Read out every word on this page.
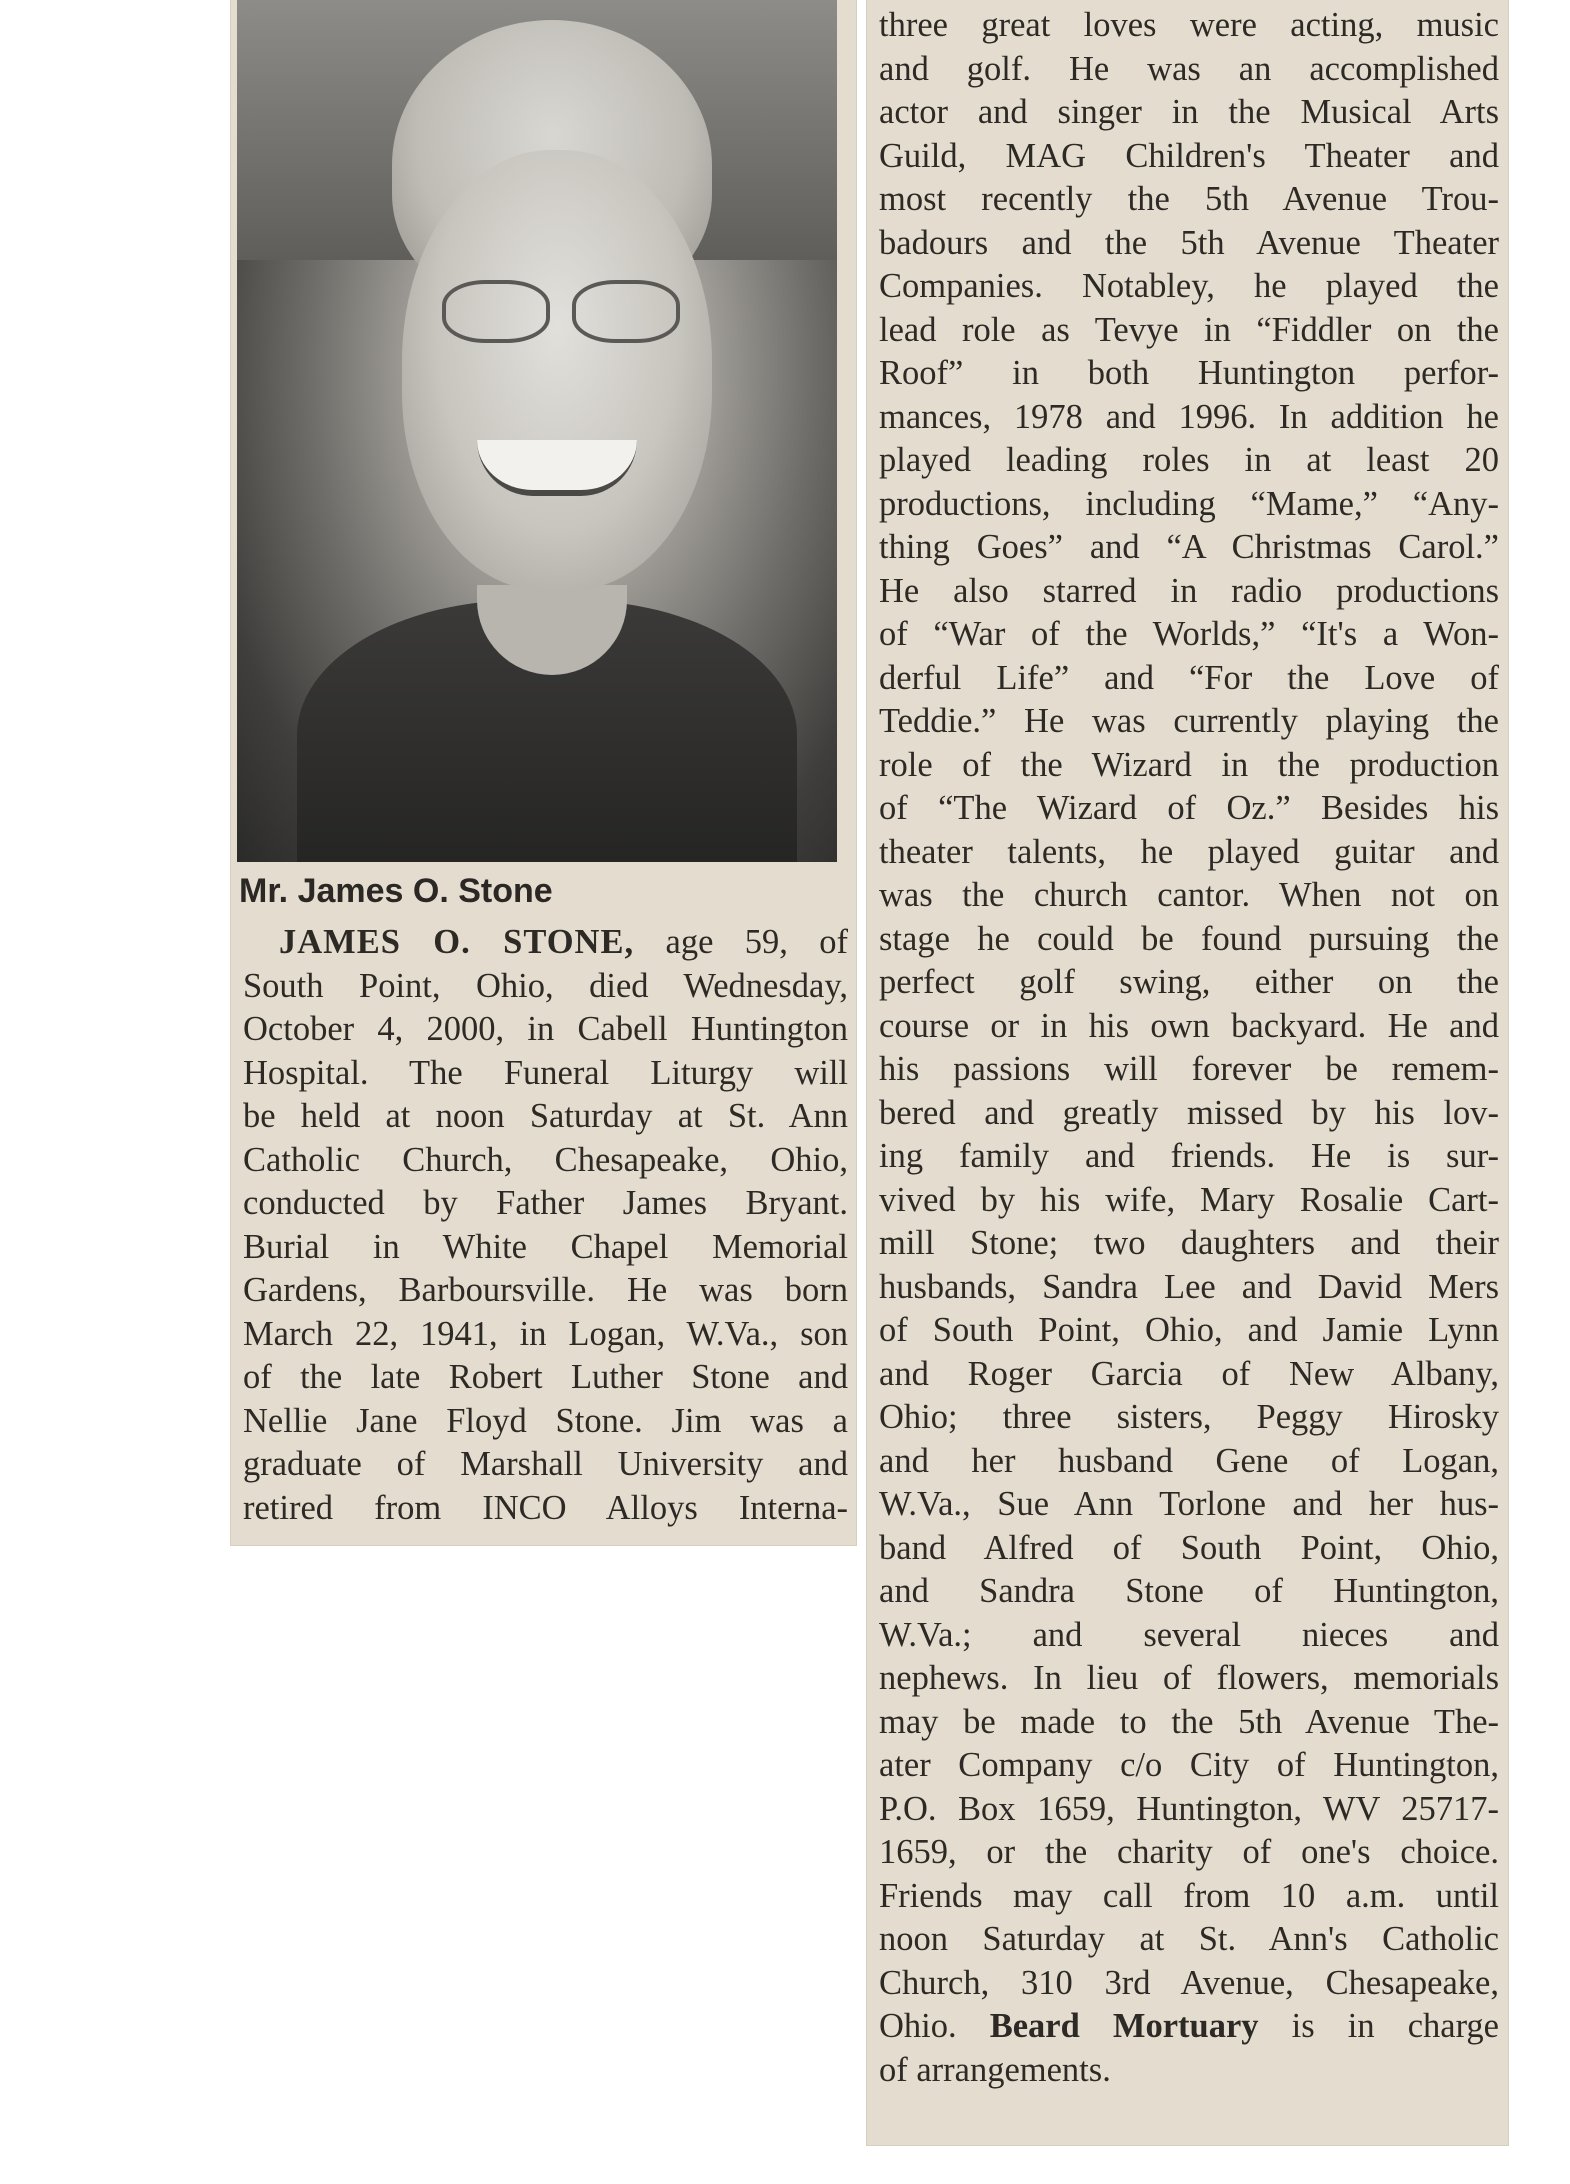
Mr. James O. Stone
JAMES O. STONE, age 59, of
South Point, Ohio, died Wednesday,
October 4, 2000, in Cabell Huntington
Hospital. The Funeral Liturgy will
be held at noon Saturday at St. Ann
Catholic Church, Chesapeake, Ohio,
conducted by Father James Bryant.
Burial in White Chapel Memorial
Gardens, Barboursville. He was born
March 22, 1941, in Logan, W.Va., son
of the late Robert Luther Stone and
Nellie Jane Floyd Stone. Jim was a
graduate of Marshall University and
retired from INCO Alloys Interna-
three great loves were acting, music
and golf. He was an accomplished
actor and singer in the Musical Arts
Guild, MAG Children's Theater and
most recently the 5th Avenue Trou-
badours and the 5th Avenue Theater
Companies. Notabley, he played the
lead role as Tevye in “Fiddler on the
Roof” in both Huntington perfor-
mances, 1978 and 1996. In addition he
played leading roles in at least 20
productions, including “Mame,” “Any-
thing Goes” and “A Christmas Carol.”
He also starred in radio productions
of “War of the Worlds,” “It's a Won-
derful Life” and “For the Love of
Teddie.” He was currently playing the
role of the Wizard in the production
of “The Wizard of Oz.” Besides his
theater talents, he played guitar and
was the church cantor. When not on
stage he could be found pursuing the
perfect golf swing, either on the
course or in his own backyard. He and
his passions will forever be remem-
bered and greatly missed by his lov-
ing family and friends. He is sur-
vived by his wife, Mary Rosalie Cart-
mill Stone; two daughters and their
husbands, Sandra Lee and David Mers
of South Point, Ohio, and Jamie Lynn
and Roger Garcia of New Albany,
Ohio; three sisters, Peggy Hirosky
and her husband Gene of Logan,
W.Va., Sue Ann Torlone and her hus-
band Alfred of South Point, Ohio,
and Sandra Stone of Huntington,
W.Va.; and several nieces and
nephews. In lieu of flowers, memorials
may be made to the 5th Avenue The-
ater Company c/o City of Huntington,
P.O. Box 1659, Huntington, WV 25717-
1659, or the charity of one's choice.
Friends may call from 10 a.m. until
noon Saturday at St. Ann's Catholic
Church, 310 3rd Avenue, Chesapeake,
Ohio. Beard Mortuary is in charge
of arrangements.
